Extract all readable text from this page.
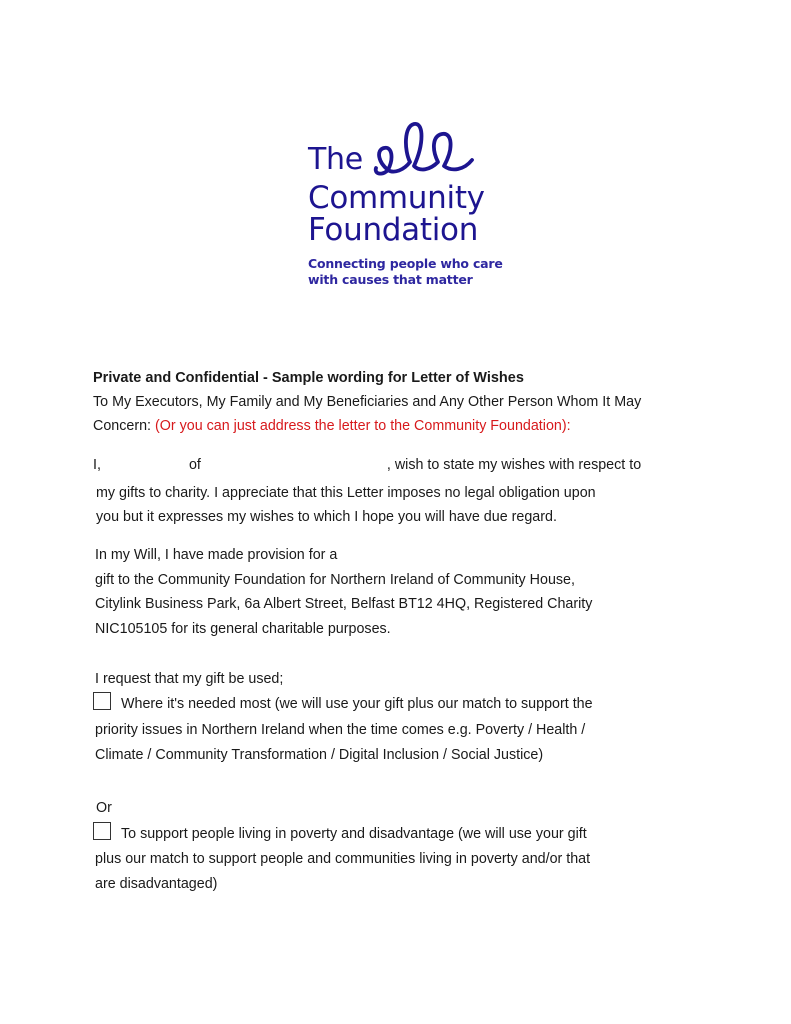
The
Community
Foundation
Connecting people who care
with causes that matter
Private and Confidential - Sample wording for Letter of Wishes
To My Executors, My Family and My Beneficiaries and Any Other Person Whom It May
Concern: (Or you can just address the letter to the Community Foundation):
I,	of	, wish to state my wishes with respect to
my gifts to charity. I appreciate that this Letter imposes no legal obligation upon
you but it expresses my wishes to which I hope you will have due regard.
In my Will, I have made provision for a
gift to the Community Foundation for Northern Ireland of Community House,
Citylink Business Park, 6a Albert Street, Belfast BT12 4HQ, Registered Charity
NIC105105 for its general charitable purposes.
I request that my gift be used;
Where it's needed most (we will use your gift plus our match to support the
priority issues in Northern Ireland when the time comes e.g. Poverty / Health /
Climate / Community Transformation / Digital Inclusion / Social Justice)
Or
To support people living in poverty and disadvantage (we will use your gift
plus our match to support people and communities living in poverty and/or that
are disadvantaged)
